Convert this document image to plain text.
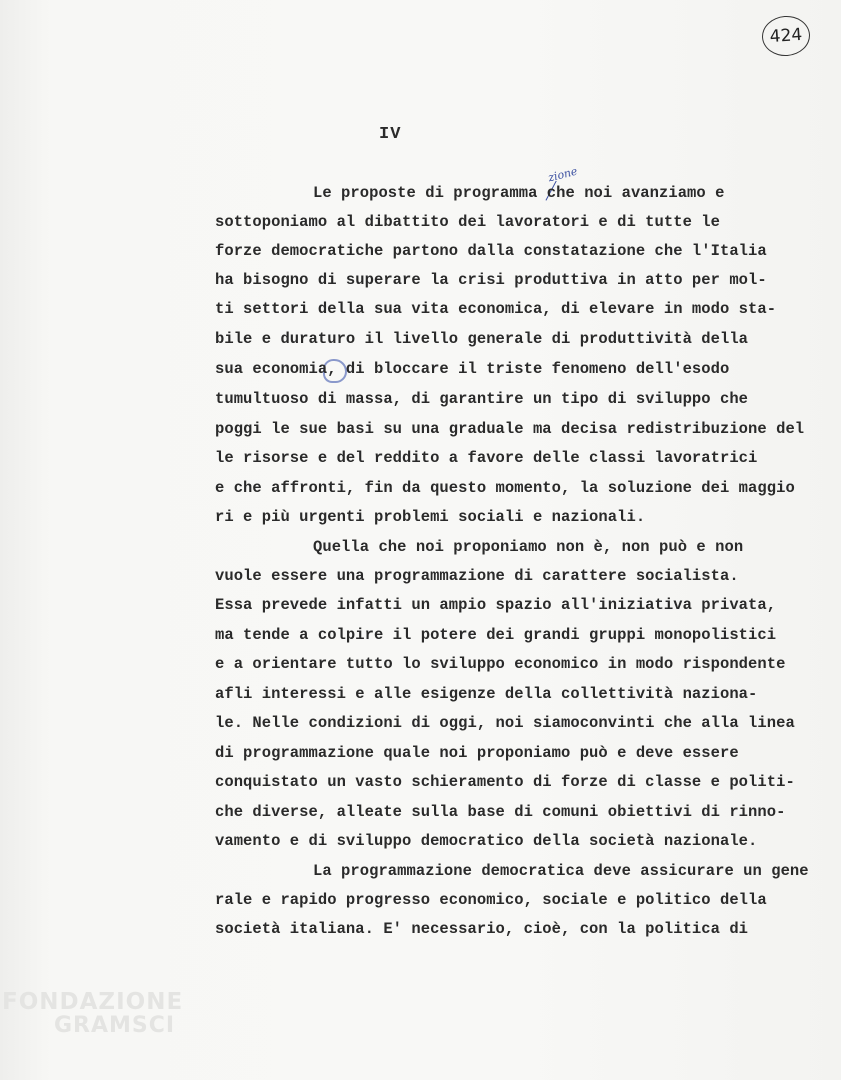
424
IV
zione
Le proposte di programma che noi avanziamo e
sottoponiamo al dibattito dei lavoratori e di tutte le
forze democratiche partono dalla constatazione che l'Italia
ha bisogno di superare la crisi produttiva in atto per mol-
ti settori della sua vita economica, di elevare in modo sta-
bile e duraturo il livello generale di produttività della
sua economia, di bloccare il triste fenomeno dell'esodo
tumultuoso di massa, di garantire un tipo di sviluppo che
poggi le sue basi su una graduale ma decisa redistribuzione del
le risorse e del reddito a favore delle classi lavoratrici
e che affronti, fin da questo momento, la soluzione dei maggio
ri e più urgenti problemi sociali e nazionali.
Quella che noi proponiamo non è, non può e non
vuole essere una programmazione di carattere socialista.
Essa prevede infatti un ampio spazio all'iniziativa privata,
ma tende a colpire il potere dei grandi gruppi monopolistici
e a orientare tutto lo sviluppo economico in modo rispondente
afli interessi e alle esigenze della collettività naziona-
le. Nelle condizioni di oggi, noi siamoconvinti che alla linea
di programmazione quale noi proponiamo può e deve essere
conquistato un vasto schieramento di forze di classe e politi-
che diverse, alleate sulla base di comuni obiettivi di rinno-
vamento e di sviluppo democratico della società nazionale.
La programmazione democratica deve assicurare un gene
rale e rapido progresso economico, sociale e politico della
società italiana. E' necessario, cioè, con la politica di
FONDAZIONE
GRAMSCI
